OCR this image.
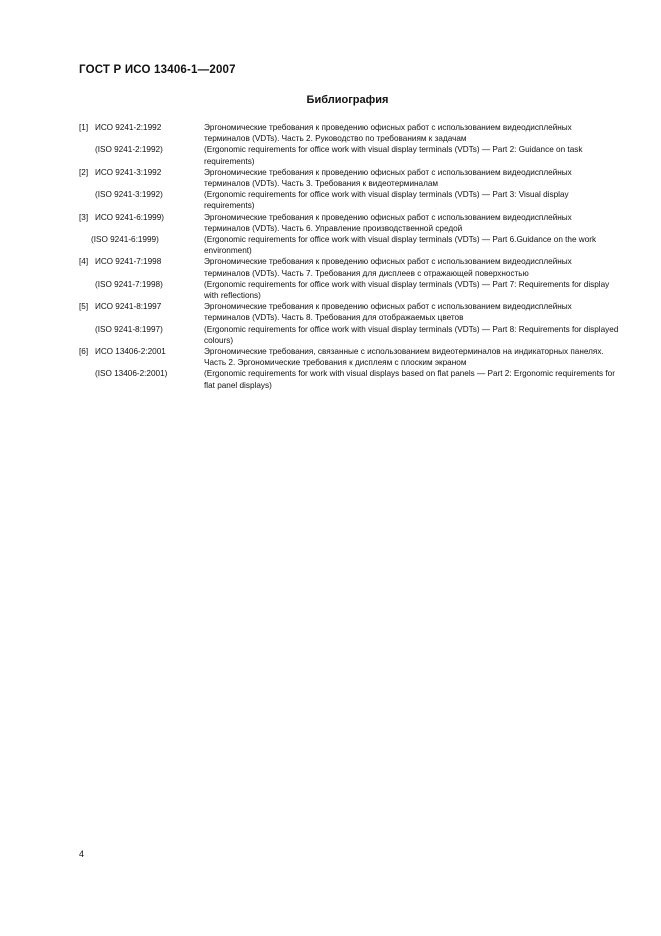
ГОСТ Р ИСО 13406-1—2007
Библиография
[1] ИСО 9241-2:1992	Эргономические требования к проведению офисных работ с использованием видеодисплейных терминалов (VDTs). Часть 2. Руководство по требованиям к задачам
(ISO 9241-2:1992)	(Ergonomic requirements for office work with visual display terminals (VDTs) — Part 2: Guidance on task requirements)
[2] ИСО 9241-3:1992	Эргономические требования к проведению офисных работ с использованием видеодисплейных терминалов (VDTs). Часть 3. Требования к видеотерминалам
(ISO 9241-3:1992)	(Ergonomic requirements for office work with visual display terminals (VDTs) — Part 3: Visual display requirements)
[3] ИСО 9241-6:1999)	Эргономические требования к проведению офисных работ с использованием видеодисплейных терминалов (VDTs). Часть 6. Управление производственной средой
(ISO 9241-6:1999)	(Ergonomic requirements for office work with visual display terminals (VDTs) — Part 6.Guidance on the work environment)
[4] ИСО 9241-7:1998	Эргономические требования к проведению офисных работ с использованием видеодисплейных терминалов (VDTs). Часть 7. Требования для дисплеев с отражающей поверхностью
(ISO 9241-7:1998)	(Ergonomic requirements for office work with visual display terminals (VDTs) — Part 7: Requirements for display with reflections)
[5] ИСО 9241-8:1997	Эргономические требования к проведению офисных работ с использованием видеодисплейных терминалов (VDTs). Часть 8. Требования для отображаемых цветов
(ISO 9241-8:1997)	(Ergonomic requirements for office work with visual display terminals (VDTs) — Part 8: Requirements for displayed colours)
[6] ИСО 13406-2:2001	Эргономические требования, связанные с использованием видеотерминалов на индикаторных панелях. Часть 2. Эргономические требования к дисплеям с плоским экраном
(ISO 13406-2:2001)	(Ergonomic requirements for work with visual displays based on flat panels — Part 2: Ergonomic requirements for flat panel displays)
4
